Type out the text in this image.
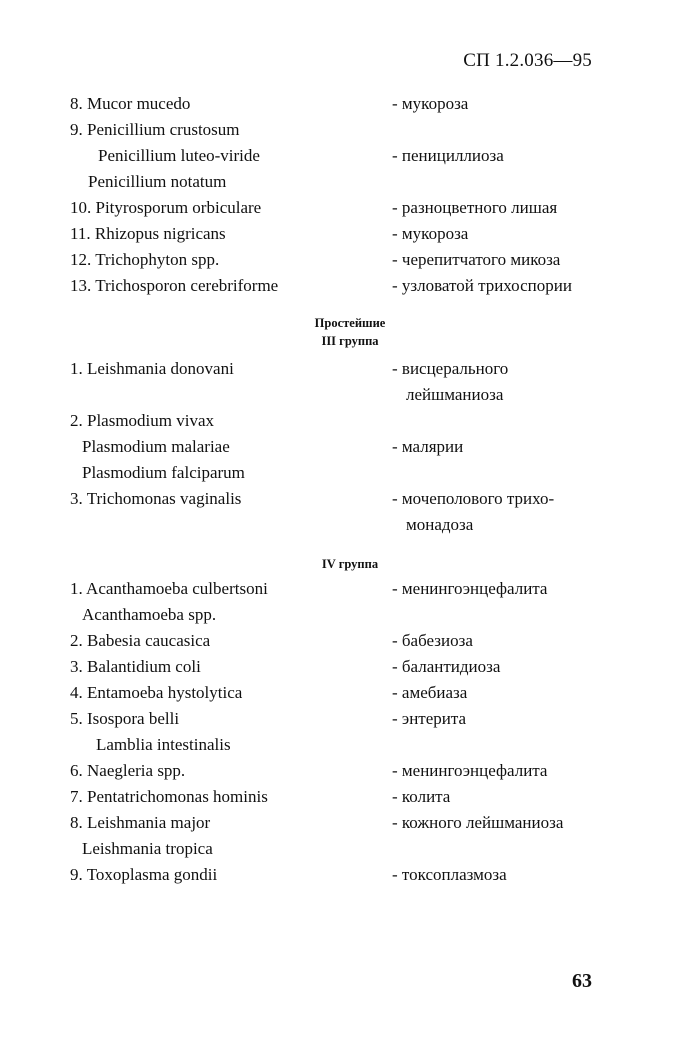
СП 1.2.036—95
8. Mucor mucedo	- мукороза
9. Penicillium crustosum
Penicillium luteo-viride	- пенициллиоза
Penicillium notatum
10. Pityrosporum orbiculare	- разноцветного лишая
11. Rhizopus nigricans	- мукороза
12. Trichophyton spp.	- черепитчатого микоза
13. Trichosporon cerebriforme	- узловатой трихоспории
Простейшие
III группа
1. Leishmania donovani	- висцерального
лейшманиоза
2. Plasmodium vivax
Plasmodium malariae	- малярии
Plasmodium falciparum
3. Trichomonas vaginalis	- мочеполового трихо-
монадоза
IV группа
1. Acanthamoeba culbertsoni	- менингоэнцефалита
Acanthamoeba spp.
2. Babesia caucasica	- бабезиоза
3. Balantidium coli	- балантидиоза
4. Entamoeba hystolytica	- амебиаза
5. Isospora belli	- энтерита
Lamblia intestinalis
6. Naegleria spp.	- менингоэнцефалита
7. Pentatrichomonas hominis	- колита
8. Leishmania major	- кожного лейшманиоза
Leishmania tropica
9. Toxoplasma gondii	- токсоплазмоза
63
